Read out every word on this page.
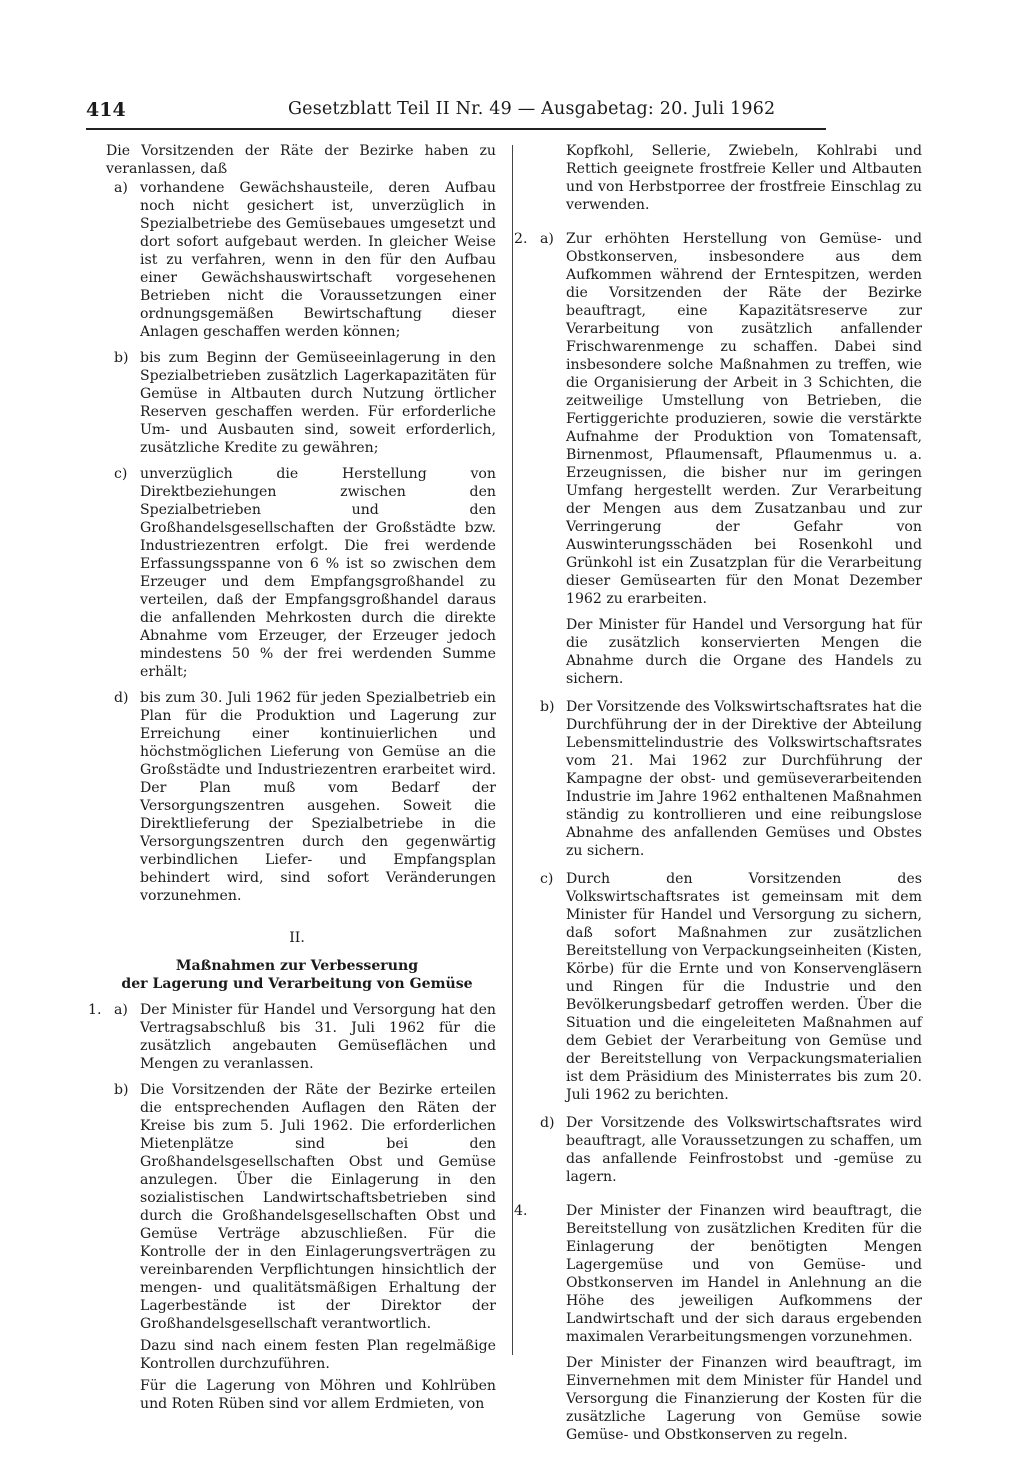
414	Gesetzblatt Teil II Nr. 49 — Ausgabetag: 20. Juli 1962

Die Vorsitzenden der Räte der Bezirke haben zu veranlassen, daß

a) vorhandene Gewächshausteile, deren Aufbau noch nicht gesichert ist, unverzüglich in Spezialbetriebe des Gemüsebaues umgesetzt und dort sofort aufgebaut werden. In gleicher Weise ist zu verfahren, wenn in den für den Aufbau einer Gewächshauswirtschaft vorgesehenen Betrieben nicht die Voraussetzungen einer ordnungsgemäßen Bewirtschaftung dieser Anlagen geschaffen werden können;

b) bis zum Beginn der Gemüseeinlagerung in den Spezialbetrieben zusätzlich Lagerkapazitäten für Gemüse in Altbauten durch Nutzung örtlicher Reserven geschaffen werden. Für erforderliche Um- und Ausbauten sind, soweit erforderlich, zusätzliche Kredite zu gewähren;

c) unverzüglich die Herstellung von Direktbeziehungen zwischen den Spezialbetrieben und den Großhandelsgesellschaften der Großstädte bzw. Industriezentren erfolgt. Die frei werdende Erfassungsspanne von 6 % ist so zwischen dem Erzeuger und dem Empfangsgroßhandel zu verteilen, daß der Empfangsgroßhandel daraus die anfallenden Mehrkosten durch die direkte Abnahme vom Erzeuger, der Erzeuger jedoch mindestens 50 % der frei werdenden Summe erhält;

d) bis zum 30. Juli 1962 für jeden Spezialbetrieb ein Plan für die Produktion und Lagerung zur Erreichung einer kontinuierlichen und höchstmöglichen Lieferung von Gemüse an die Großstädte und Industriezentren erarbeitet wird. Der Plan muß vom Bedarf der Versorgungszentren ausgehen. Soweit die Direktlieferung der Spezialbetriebe in die Versorgungszentren durch den gegenwärtig verbindlichen Liefer- und Empfangsplan behindert wird, sind sofort Veränderungen vorzunehmen.

II.

Maßnahmen zur Verbesserung

der Lagerung und Verarbeitung von Gemüse

1. a) Der Minister für Handel und Versorgung hat den Vertragsabschluß bis 31. Juli 1962 für die zusätzlich angebauten Gemüseflächen und Mengen zu veranlassen.

b) Die Vorsitzenden der Räte der Bezirke erteilen die entsprechenden Auflagen den Räten der Kreise bis zum 5. Juli 1962. Die erforderlichen Mietenplätze sind bei den Großhandelsgesellschaften Obst und Gemüse anzulegen. Über die Einlagerung in den sozialistischen Landwirtschaftsbetrieben sind durch die Großhandelsgesellschaften Obst und Gemüse Verträge abzuschließen. Für die Kontrolle der in den Einlagerungsverträgen zu vereinbarenden Verpflichtungen hinsichtlich der mengen- und qualitätsmäßigen Erhaltung der Lagerbestände ist der Direktor der Großhandelsgesellschaft verantwortlich.

Dazu sind nach einem festen Plan regelmäßige Kontrollen durchzuführen.

Für die Lagerung von Möhren und Kohlrüben und Roten Rüben sind vor allem Erdmieten, von

Kopfkohl, Sellerie, Zwiebeln, Kohlrabi und Rettich geeignete frostfreie Keller und Altbauten und von Herbstporree der frostfreie Einschlag zu verwenden.

2. a) Zur erhöhten Herstellung von Gemüse- und Obstkonserven, insbesondere aus dem Aufkommen während der Erntespitzen, werden die Vorsitzenden der Räte der Bezirke beauftragt, eine Kapazitätsreserve zur Verarbeitung von zusätzlich anfallender Frischwarenmenge zu schaffen. Dabei sind insbesondere solche Maßnahmen zu treffen, wie die Organisierung der Arbeit in 3 Schichten, die zeitweilige Umstellung von Betrieben, die Fertiggerichte produzieren, sowie die verstärkte Aufnahme der Produktion von Tomatensaft, Birnenmost, Pflaumensaft, Pflaumenmus u. a. Erzeugnissen, die bisher nur im geringen Umfang hergestellt werden. Zur Verarbeitung der Mengen aus dem Zusatzanbau und zur Verringerung der Gefahr von Auswinterungsschäden bei Rosenkohl und Grünkohl ist ein Zusatzplan für die Verarbeitung dieser Gemüsearten für den Monat Dezember 1962 zu erarbeiten.

Der Minister für Handel und Versorgung hat für die zusätzlich konservierten Mengen die Abnahme durch die Organe des Handels zu sichern.

b) Der Vorsitzende des Volkswirtschaftsrates hat die Durchführung der in der Direktive der Abteilung Lebensmittelindustrie des Volkswirtschaftsrates vom 21. Mai 1962 zur Durchführung der Kampagne der obst- und gemüseverarbeitenden Industrie im Jahre 1962 enthaltenen Maßnahmen ständig zu kontrollieren und eine reibungslose Abnahme des anfallenden Gemüses und Obstes zu sichern.

c) Durch den Vorsitzenden des Volkswirtschaftsrates ist gemeinsam mit dem Minister für Handel und Versorgung zu sichern, daß sofort Maßnahmen zur zusätzlichen Bereitstellung von Verpackungseinheiten (Kisten, Körbe) für die Ernte und von Konservengläsern und Ringen für die Industrie und den Bevölkerungsbedarf getroffen werden. Über die Situation und die eingeleiteten Maßnahmen auf dem Gebiet der Verarbeitung von Gemüse und der Bereitstellung von Verpackungsmaterialien ist dem Präsidium des Ministerrates bis zum 20. Juli 1962 zu berichten.

d) Der Vorsitzende des Volkswirtschaftsrates wird beauftragt, alle Voraussetzungen zu schaffen, um das anfallende Feinfrostobst und -gemüse zu lagern.

4.	Der Minister der Finanzen wird beauftragt, die Bereitstellung von zusätzlichen Krediten für die Einlagerung der benötigten Mengen Lagergemüse und von Gemüse- und Obstkonserven im Handel in Anlehnung an die Höhe des jeweiligen Aufkommens der Landwirtschaft und der sich daraus ergebenden maximalen Verarbeitungsmengen vorzunehmen.

Der Minister der Finanzen wird beauftragt, im Einvernehmen mit dem Minister für Handel und Versorgung die Finanzierung der Kosten für die zusätzliche Lagerung von Gemüse sowie Gemüse- und Obstkonserven zu regeln.
